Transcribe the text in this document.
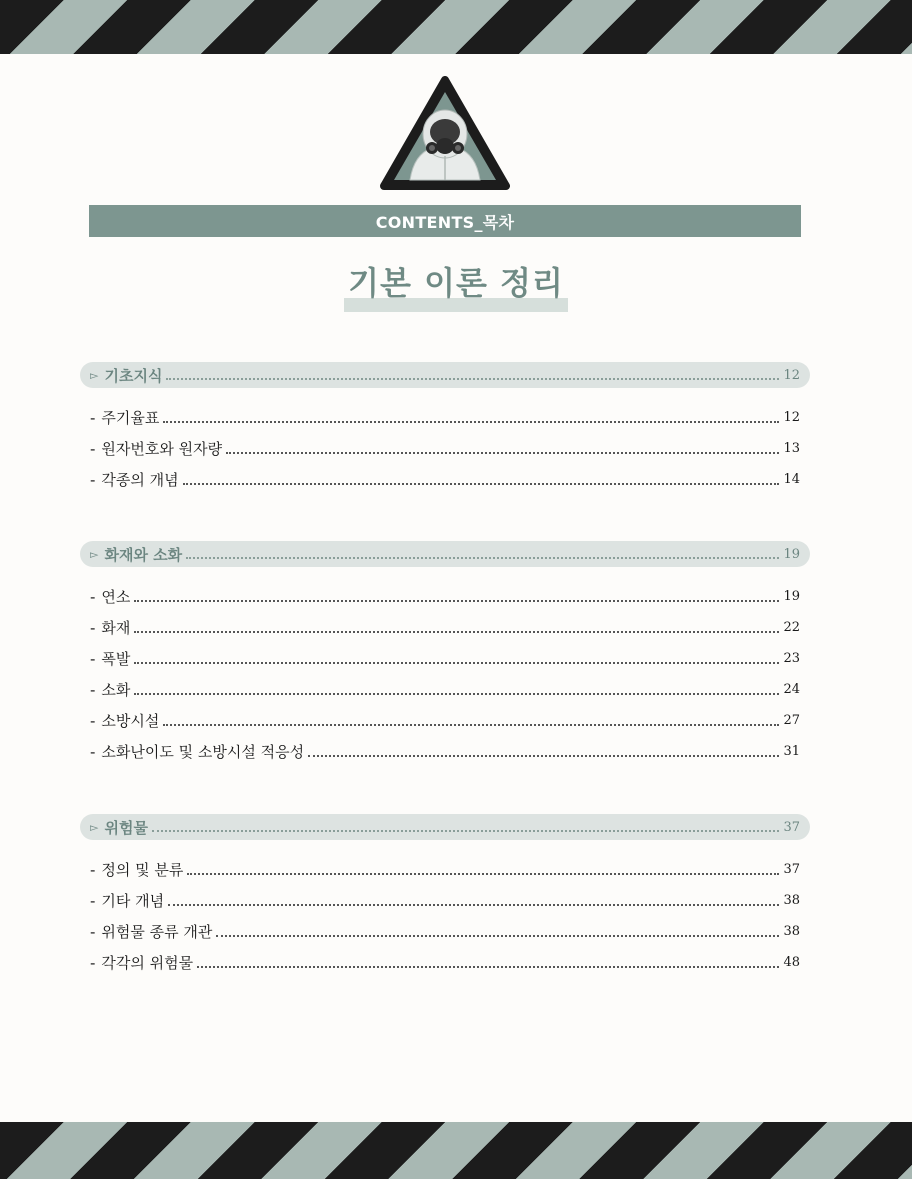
CONTENTS_목차
기본 이론 정리
▻ 기초지식	12
- 주기율표	12
- 원자번호와 원자량	13
- 각종의 개념	14
▻ 화재와 소화	19
- 연소	19
- 화재	22
- 폭발	23
- 소화	24
- 소방시설	27
- 소화난이도 및 소방시설 적응성	31
▻ 위험물	37
- 정의 및 분류	37
- 기타 개념	38
- 위험물 종류 개관	38
- 각각의 위험물	48
